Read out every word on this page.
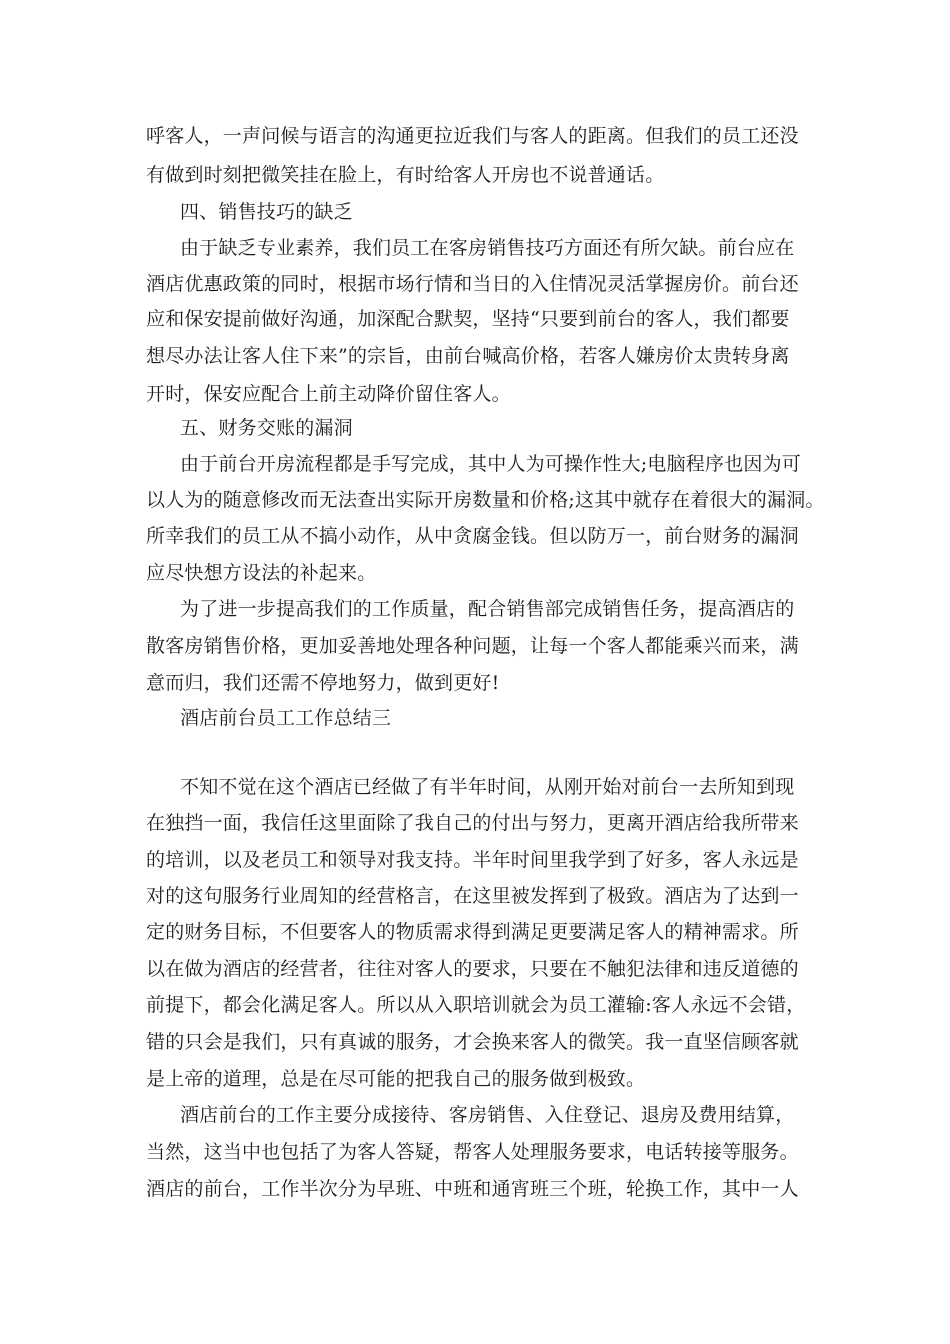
呼客人，一声问候与语言的沟通更拉近我们与客人的距离。但我们的员工还没
有做到时刻把微笑挂在脸上，有时给客人开房也不说普通话。
四、销售技巧的缺乏
由于缺乏专业素养，我们员工在客房销售技巧方面还有所欠缺。前台应在
酒店优惠政策的同时，根据市场行情和当日的入住情况灵活掌握房价。前台还
应和保安提前做好沟通，加深配合默契，坚持“只要到前台的客人，我们都要
想尽办法让客人住下来”的宗旨，由前台喊高价格，若客人嫌房价太贵转身离
开时，保安应配合上前主动降价留住客人。
五、财务交账的漏洞
由于前台开房流程都是手写完成，其中人为可操作性大;电脑程序也因为可
以人为的随意修改而无法查出实际开房数量和价格;这其中就存在着很大的漏洞。
所幸我们的员工从不搞小动作，从中贪腐金钱。但以防万一，前台财务的漏洞
应尽快想方设法的补起来。
为了进一步提高我们的工作质量，配合销售部完成销售任务，提高酒店的
散客房销售价格，更加妥善地处理各种问题，让每一个客人都能乘兴而来，满
意而归，我们还需不停地努力，做到更好!
酒店前台员工工作总结三
不知不觉在这个酒店已经做了有半年时间，从刚开始对前台一去所知到现
在独挡一面，我信任这里面除了我自己的付出与努力，更离开酒店给我所带来
的培训，以及老员工和领导对我支持。半年时间里我学到了好多，客人永远是
对的这句服务行业周知的经营格言，在这里被发挥到了极致。酒店为了达到一
定的财务目标，不但要客人的物质需求得到满足更要满足客人的精神需求。所
以在做为酒店的经营者，往往对客人的要求，只要在不触犯法律和违反道德的
前提下，都会化满足客人。所以从入职培训就会为员工灌输:客人永远不会错，
错的只会是我们，只有真诚的服务，才会换来客人的微笑。我一直坚信顾客就
是上帝的道理，总是在尽可能的把我自己的服务做到极致。
酒店前台的工作主要分成接待、客房销售、入住登记、退房及费用结算，
当然，这当中也包括了为客人答疑，帮客人处理服务要求，电话转接等服务。
酒店的前台，工作半次分为早班、中班和通宵班三个班，轮换工作，其中一人
